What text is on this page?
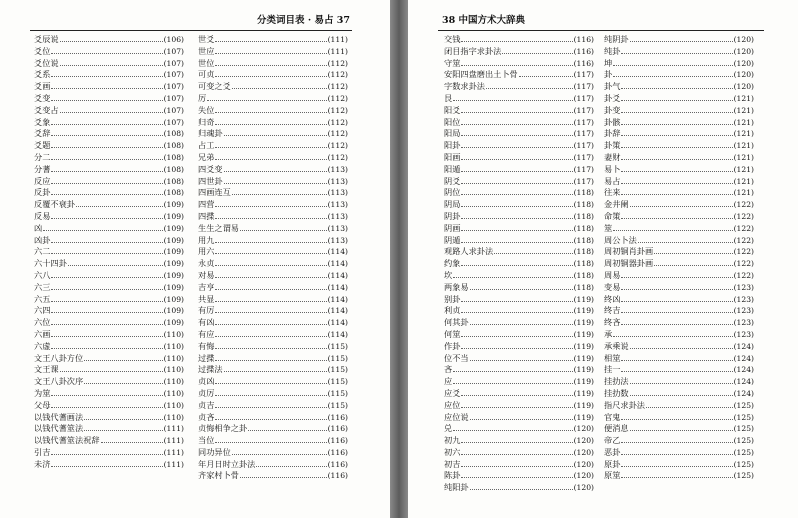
分类词目表 · 易占 37
爻辰说	(106)
爻位	(107)
爻位说	(107)
爻系	(107)
爻画	(107)
爻变	(107)
爻变占	(107)
爻象	(107)
爻辞	(108)
爻题	(108)
分二	(108)
分蓍	(108)
反应	(108)
反卦	(108)
反覆不衰卦	(109)
反易	(109)
凶	(109)
凶卦	(109)
六二	(109)
六十四卦	(109)
六八	(109)
六三	(109)
六五	(109)
六四	(109)
六位	(109)
六画	(110)
六虚	(110)
文王八卦方位	(110)
文王课	(110)
文王八卦次序	(110)
为筮	(110)
父母	(110)
以钱代蓍画法	(110)
以钱代蓍筮法	(111)
以钱代蓍筮法祝辞	(111)
引吉	(111)
未济	(111)
世爻	(111)
世应	(111)
世位	(112)
可贞	(112)
可变之爻	(112)
厉	(112)
失位	(112)
归奇	(112)
归魂卦	(112)
占工	(112)
兄弟	(112)
四爻变	(113)
四世卦	(113)
四画连互	(113)
四营	(113)
四揲	(113)
生生之谓易	(113)
用九	(113)
用六	(114)
永贞	(114)
对易	(114)
吉亨	(114)
共显	(114)
有厉	(114)
有凶	(114)
有应	(114)
有悔	(115)
过揲	(115)
过揲法	(115)
贞凶	(115)
贞厉	(115)
贞吉	(115)
贞吝	(116)
贞悔相争之卦	(116)
当位	(116)
同功异位	(116)
年月日时立卦法	(116)
齐家村卜骨	(116)
38 中国方术大辞典
交钱	(116)
闭目指字求卦法	(116)
守筮	(116)
安阳四盘磨出土卜骨	(117)
字数求卦法	(117)
艮	(117)
阳爻	(117)
阳位	(117)
阳局	(117)
阳卦	(117)
阳画	(117)
阳遁	(117)
阴爻	(117)
阴位	(118)
阴局	(118)
阴卦	(118)
阴画	(118)
阴遁	(118)
观路人求卦法	(118)
约象	(118)
坎	(118)
两象易	(118)
别卦	(119)
利贞	(119)
何其卦	(119)
何筮	(119)
作卦	(119)
位不当	(119)
吝	(119)
应	(119)
应爻	(119)
应位	(119)
应位说	(119)
兑	(120)
初九	(120)
初六	(120)
初吉	(120)
陈卦	(120)
纯阳卦	(120)
纯阴卦	(120)
纯卦	(120)
坤	(120)
卦	(120)
卦气	(120)
卦爻	(121)
卦变	(121)
卦骸	(121)
卦辞	(121)
卦策	(121)
妻财	(121)
易卜	(121)
易占	(121)
往来	(121)
金井阑	(122)
命策	(122)
筮	(122)
周公卜法	(122)
周初铜肖卦画	(122)
周初铜器卦画	(122)
周易	(122)
变易	(123)
终凶	(123)
终吉	(123)
终吝	(123)
承	(123)
承乘说	(124)
相筮	(124)
挂一	(124)
挂扐法	(124)
挂扐数	(124)
指尺求卦法	(125)
官鬼	(125)
便消息	(125)
帝乙	(125)
恶卦	(125)
原卦	(125)
原筮	(125)
